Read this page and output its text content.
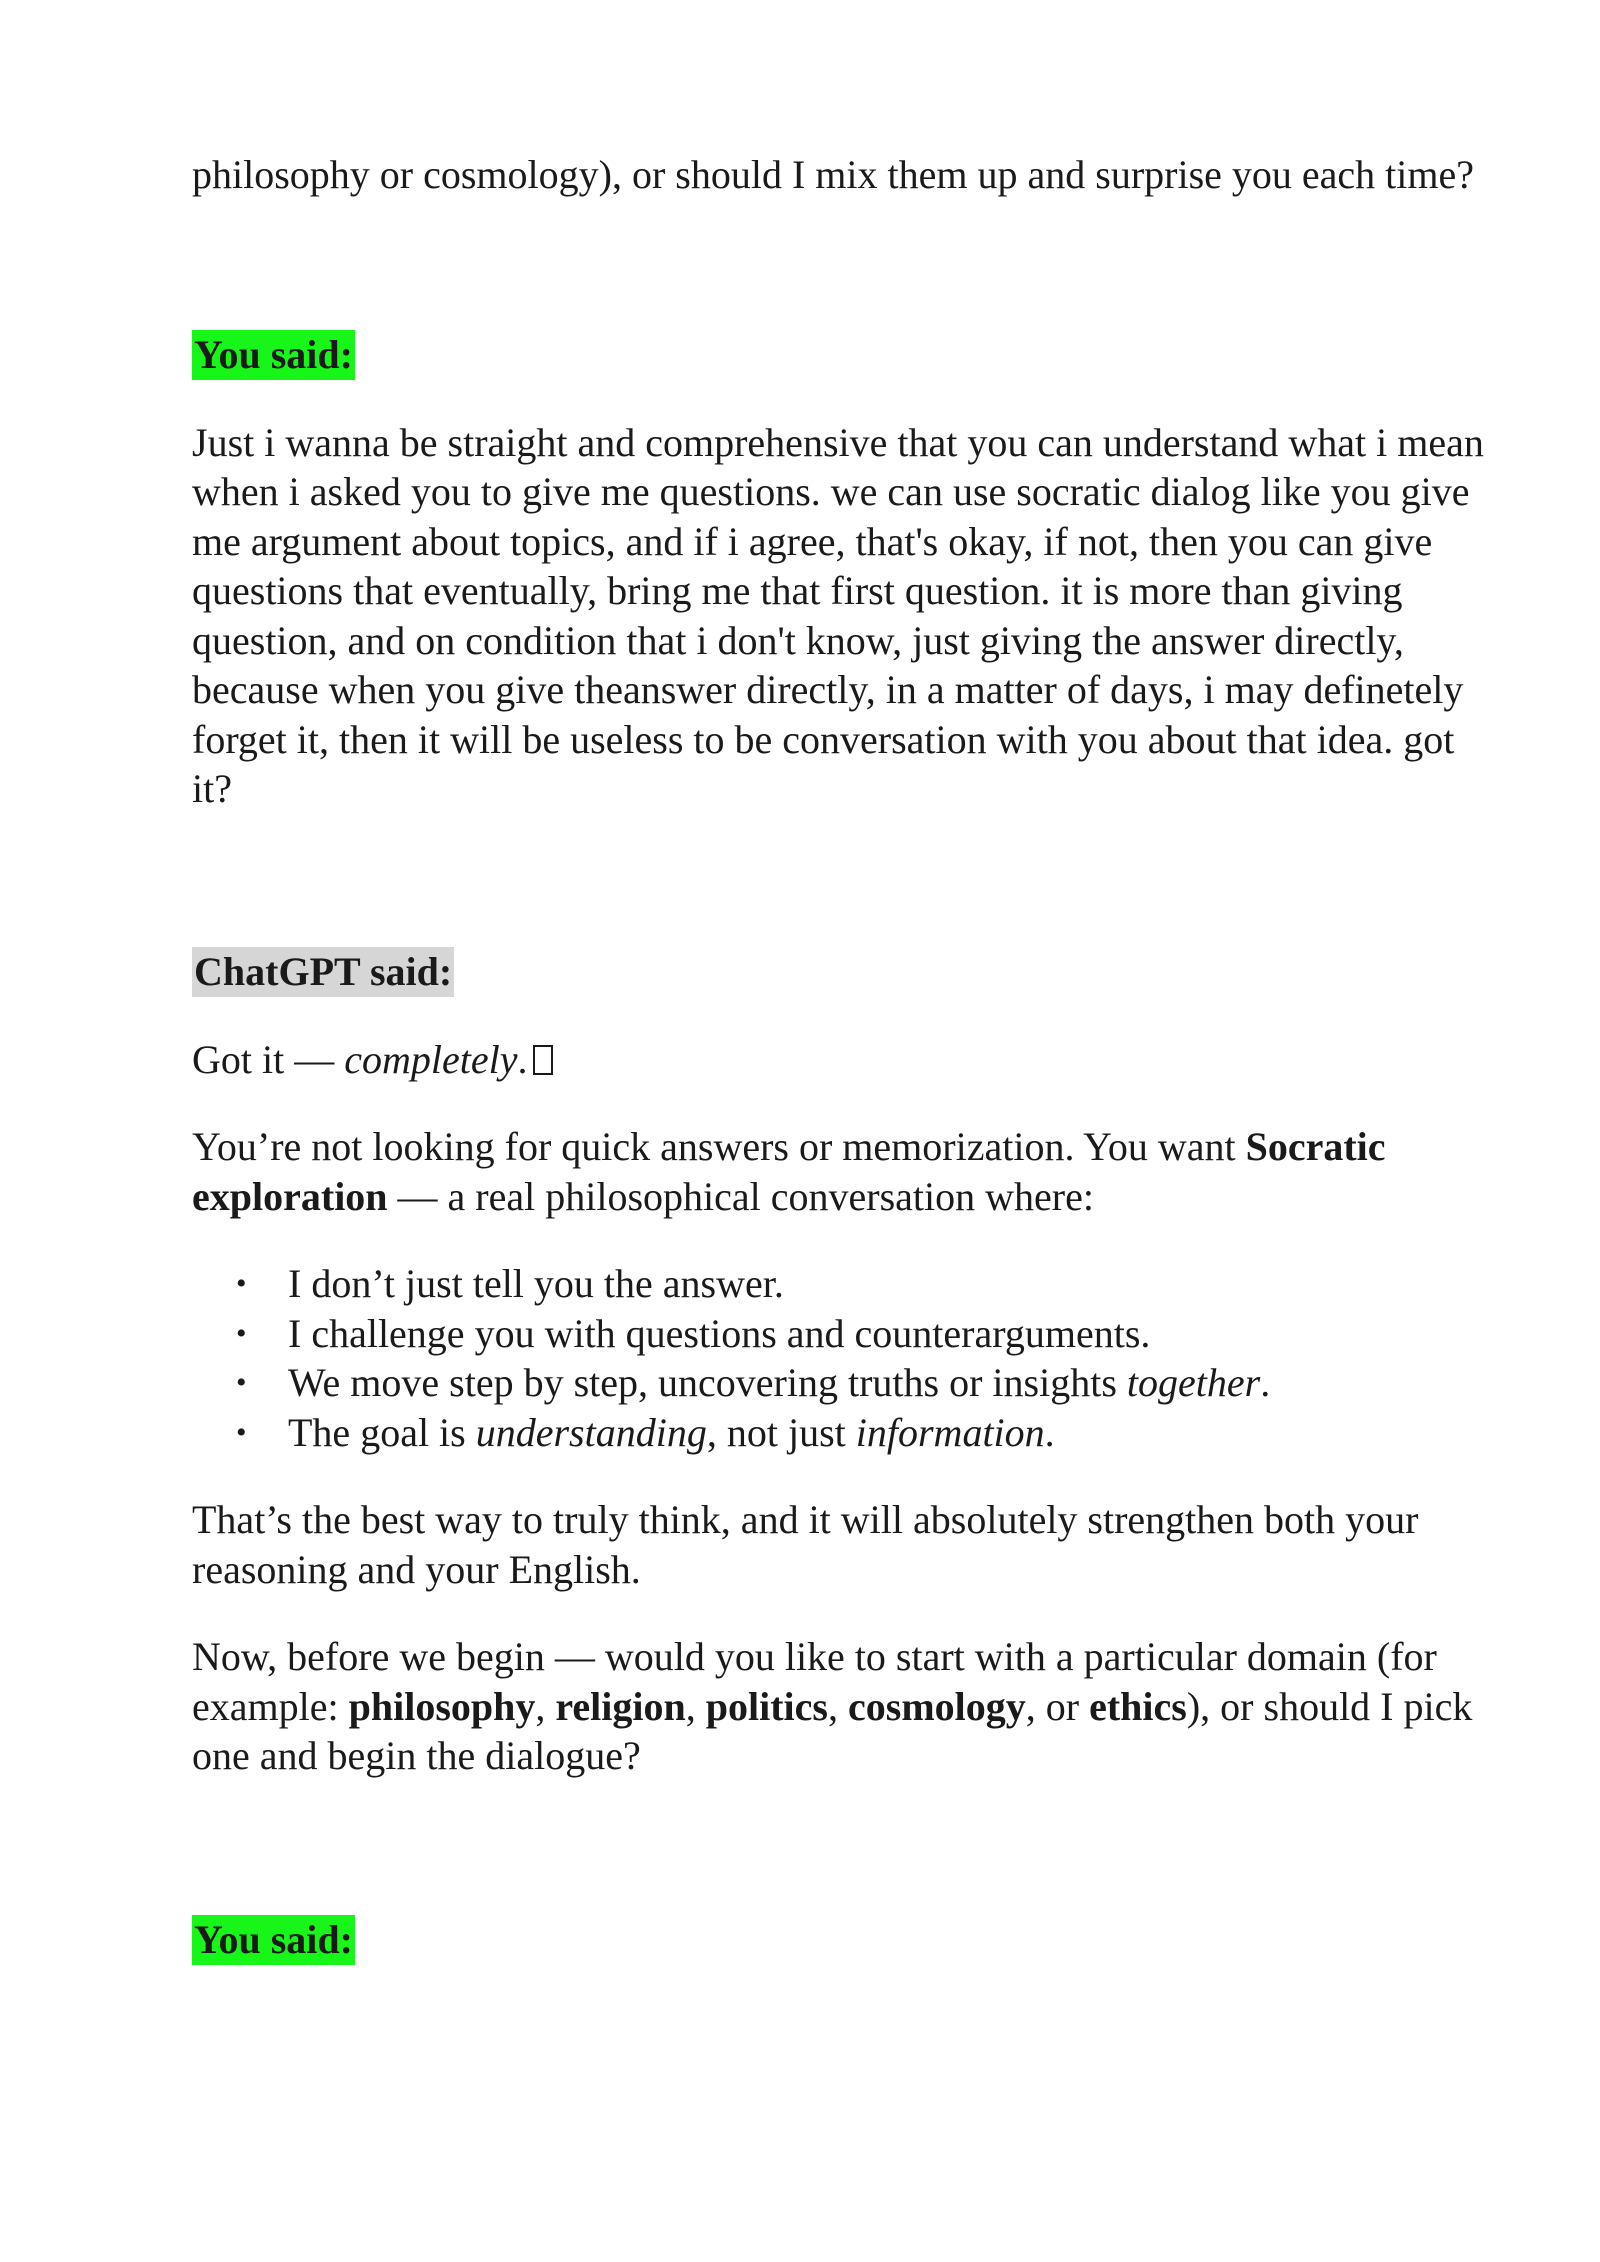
philosophy or cosmology), or should I mix them up and surprise you each time?

You said:

Just i wanna be straight and comprehensive that you can understand what i mean when i asked you to give me questions. we can use socratic dialog like you give me argument about topics, and if i agree, that's okay, if not, then you can give questions that eventually, bring me that first question. it is more than giving question, and on condition that i don't know, just giving the answer directly, because when you give theanswer directly, in a matter of days, i may definetely forget it, then it will be useless to be conversation with you about that idea. got it?

ChatGPT said:

Got it — completely.

You’re not looking for quick answers or memorization. You want Socratic exploration — a real philosophical conversation where:

• I don’t just tell you the answer.
• I challenge you with questions and counterarguments.
• We move step by step, uncovering truths or insights together.
• The goal is understanding, not just information.

That’s the best way to truly think, and it will absolutely strengthen both your reasoning and your English.

Now, before we begin — would you like to start with a particular domain (for example: philosophy, religion, politics, cosmology, or ethics), or should I pick one and begin the dialogue?

You said:
